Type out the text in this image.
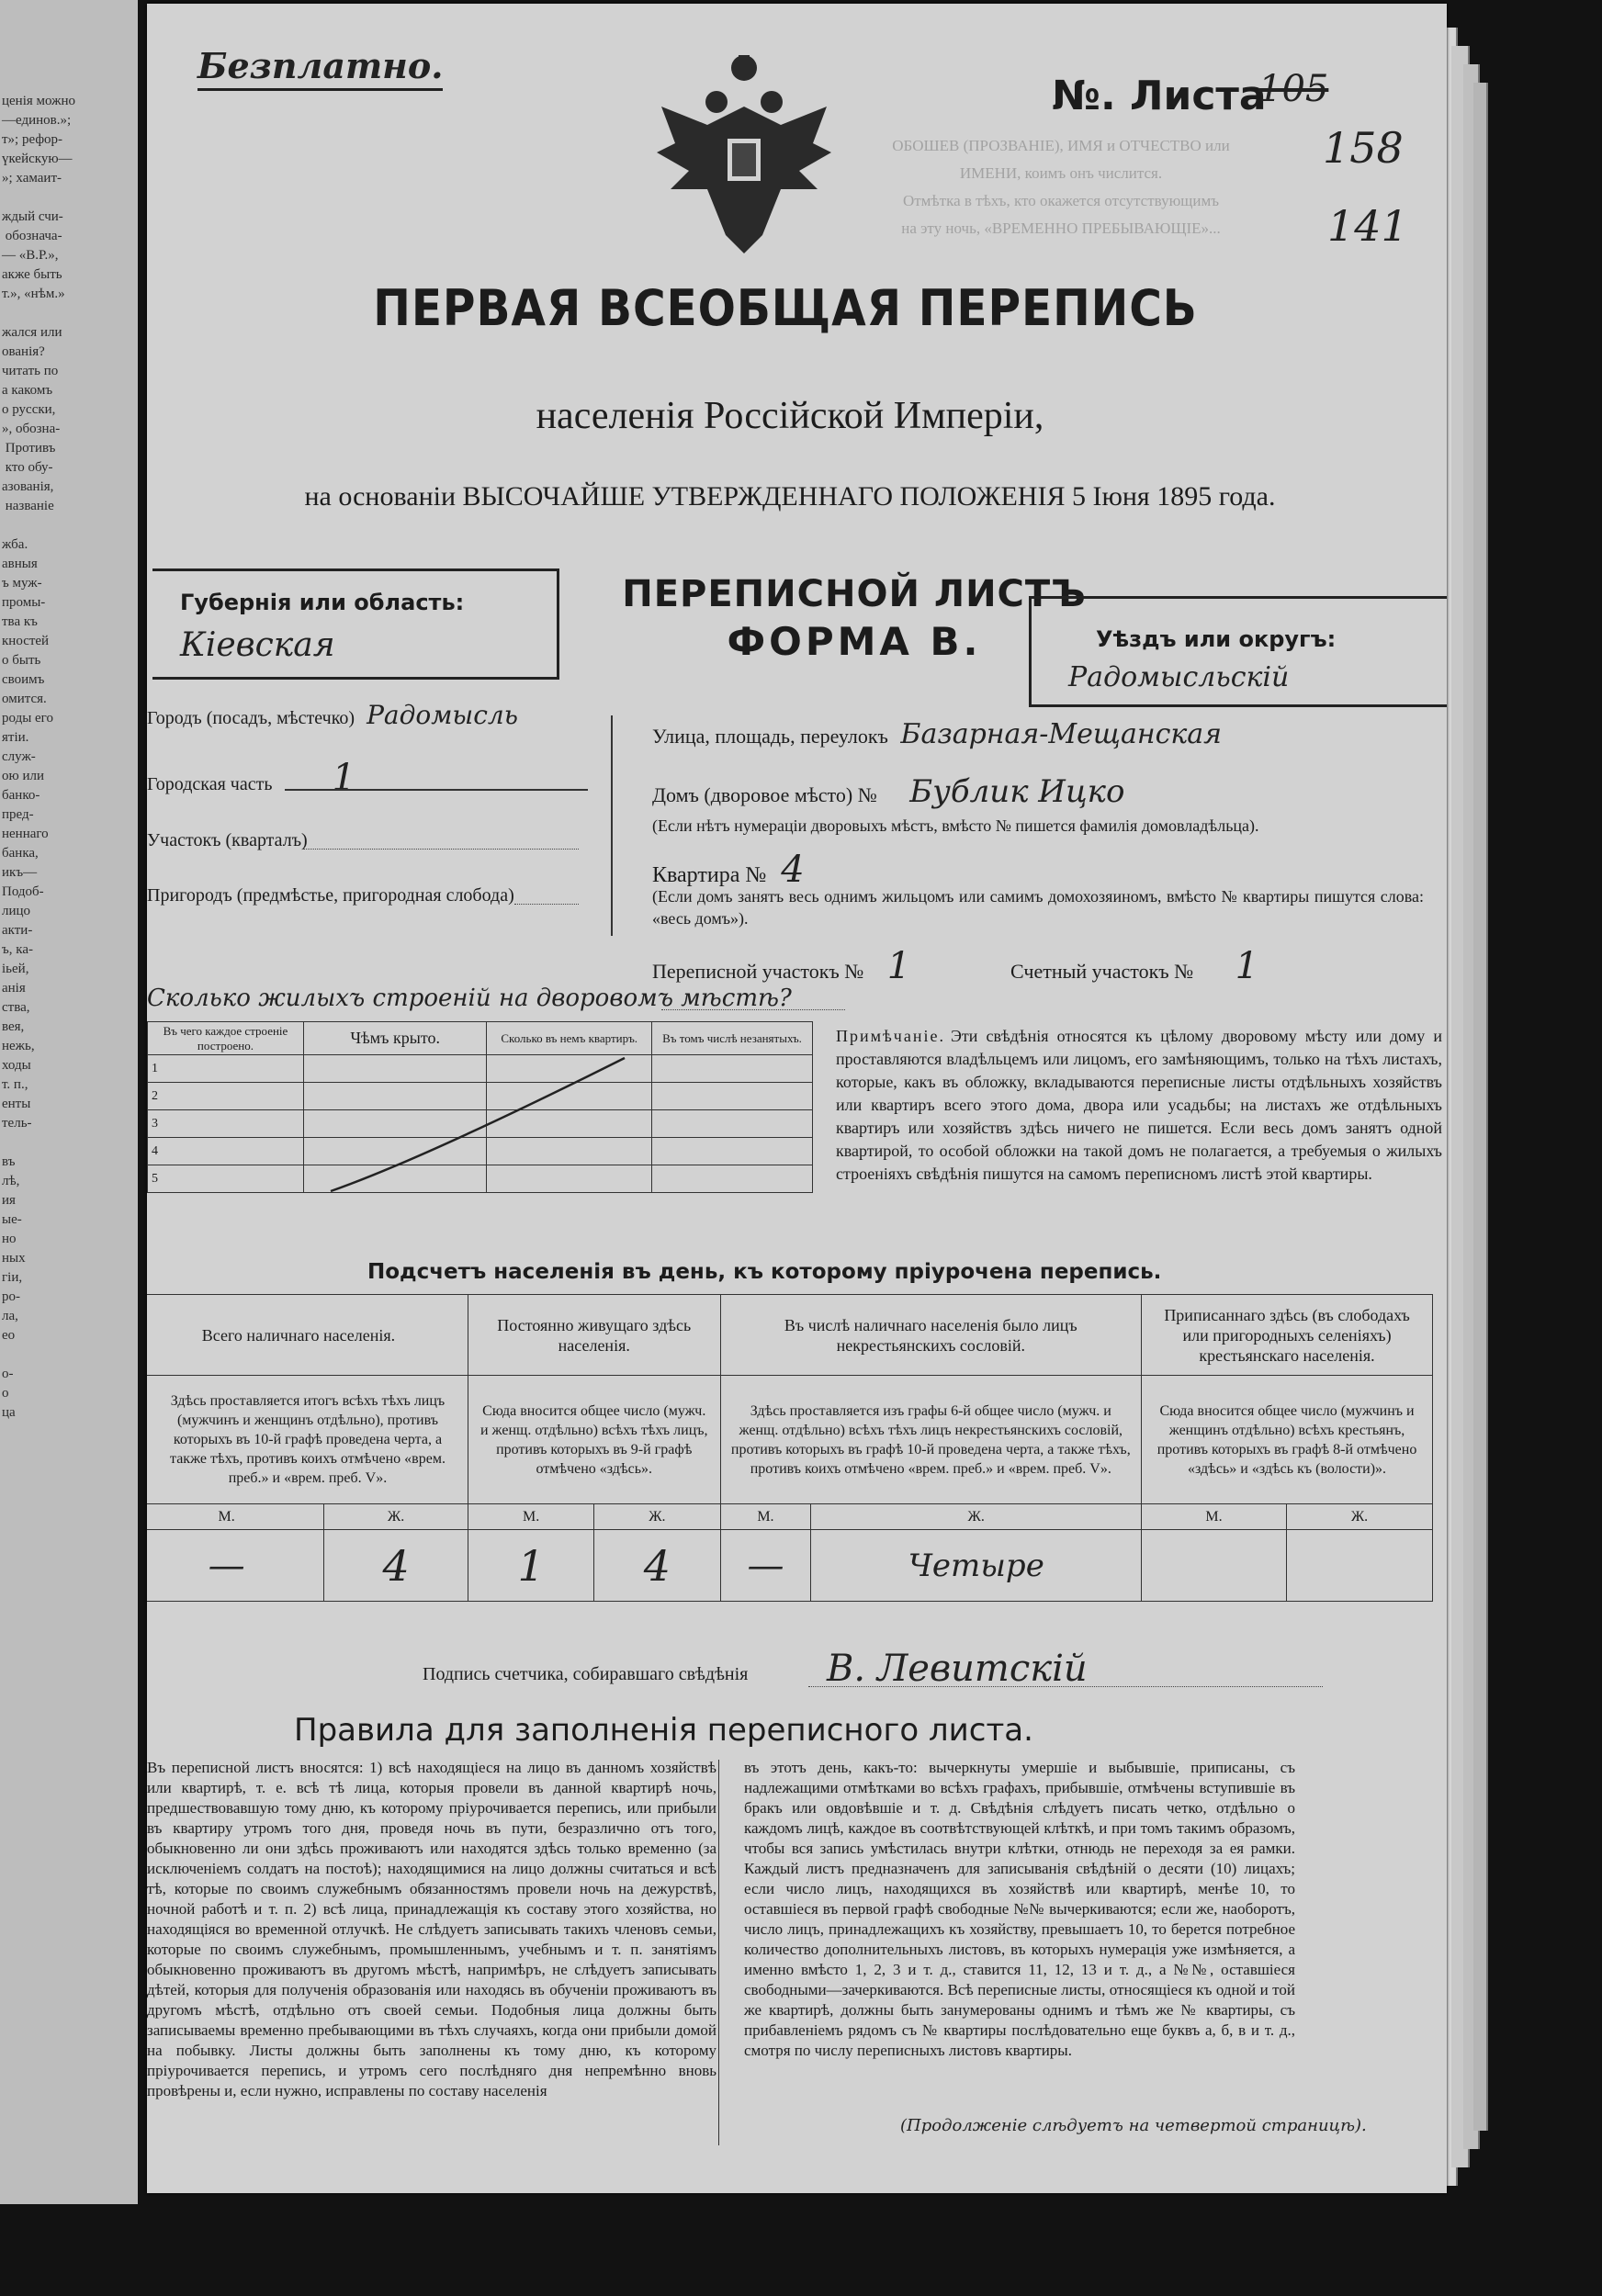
ценія можно
—единов.»;
т»; рефор-
үкейскую—
»; хамаит-

ждый счи-
обознача-
— «В.Р.»,
акже быть
т.», «нѣм.»

жался или
ованія?
читать по
а какомъ
о русски,
», обозна-
Противъ
кто обу-
азованія,
названіе

жба.
авныя
ъ муж-
промы-
тва къ
кностей
о быть
своимъ
омится.
роды его
ятіи.
служ-
ою или
банко-
пред-
неннаго
банка,
икъ—
Подоб-
лицо
акти-
ъ, ка-
іьей,
анія
ства,
вея,
нежь,
ходы
т. п.,
енты
тель-

въ
лѣ,
ия
ые-
но
ных
гіи,
ро-
ла,
ео

о-
о
ца
Безплатно.
№. Листа
105
158
141
ОБОШЕВ (ПРОЗВАНІЕ), ИМЯ и ОТЧЕСТВО или
ИМЕНИ, коимъ онъ числится.
Отмѣтка в тѣхъ, кто окажется отсутствующимъ
на эту ночь, «ВРЕМЕННО ПРЕБЫВАЮЩІЕ»...
ПЕРВАЯ ВСЕОБЩАЯ ПЕРЕПИСЬ
населенія Россійской Имперіи,
на основаніи ВЫСОЧАЙШЕ УТВЕРЖДЕННАГО ПОЛОЖЕНІЯ 5 Іюня 1895 года.
Губернія или область:
Кіевская
ПЕРЕПИСНОЙ ЛИСТЪ
ФОРМА В.	Уѣздъ или округъ:
Радомысльскій
Городъ (посадъ, мѣстечко) Радомысль
Городская часть 1
Участокъ (кварталъ)
Пригородъ (предмѣстье, пригородная слобода)
Улица, площадь, переулокъ Базарная-Мещанская
Домъ (дворовое мѣсто) № Бублик Ицко
(Если нѣтъ нумераціи дворовыхъ мѣстъ, вмѣсто № пишется фамилія домовладѣльца).
Квартира № 4
(Если домъ занятъ весь однимъ жильцомъ или самимъ домохозяиномъ, вмѣсто № квартиры пишутся слова: «весь домъ»).
Переписной участокъ № 1	Счетный участокъ № 1
Сколько жилыхъ строеній на дворовомъ мѣстѣ?
Въ чего каждое строеніе построено.	Чѣмъ крыто.	Сколько въ немъ квартиръ.	Въ томъ числѣ незанятыхъ.
1			
2			
3			
4			
5			
Примѣчаніе. Эти свѣдѣнія относятся къ цѣлому дворовому мѣсту или дому и проставляются владѣльцемъ или лицомъ, его замѣняющимъ, только на тѣхъ листахъ, которые, какъ въ обложку, вкладываются переписные листы отдѣльныхъ хозяйствъ или квартиръ всего этого дома, двора или усадьбы; на листахъ же отдѣльныхъ квартиръ или хозяйствъ здѣсь ничего не пишется. Если весь домъ занятъ одной квартирой, то особой обложки на такой домъ не полагается, а требуемыя о жилыхъ строеніяхъ свѣдѣнія пишутся на самомъ переписномъ листѣ этой квартиры.
Подсчетъ населенія въ день, къ которому пріурочена перепись.
Всего наличнаго населенія.		Постоянно живущаго здѣсь населенія.		Въ числѣ наличнаго населенія было лицъ некрестьянскихъ сословій.		Приписаннаго здѣсь (въ слободахъ или пригородныхъ селеніяхъ) крестьянскаго населенія.	
Здѣсь проставляется итогъ всѣхъ тѣхъ лицъ (мужчинъ и женщинъ отдѣльно), противъ которыхъ въ 10-й графѣ проведена черта, а также тѣхъ, противъ коихъ отмѣчено «врем. преб.» и «врем. преб. V».		Сюда вносится общее число (мужч. и женщ. отдѣльно) всѣхъ тѣхъ лицъ, противъ которыхъ въ 9-й графѣ отмѣчено «здѣсь».		Здѣсь проставляется изъ графы 6-й общее число (мужч. и женщ. отдѣльно) всѣхъ тѣхъ лицъ некрестьянскихъ сословій, противъ которыхъ въ графѣ 10-й проведена черта, а также тѣхъ, противъ коихъ отмѣчено «врем. преб.» и «врем. преб. V».		Сюда вносится общее число (мужчинъ и женщинъ отдѣльно) всѣхъ крестьянъ, противъ которыхъ въ графѣ 8-й отмѣчено «здѣсь» и «здѣсь къ (волости)».	
М.	Ж.	М.	Ж.	М.	Ж.	М.	Ж.
—	4	1	4	—	Четыре		
Подпись счетчика, собиравшаго свѣдѣнія В. Левитскій
Правила для заполненія переписного листа.
Въ переписной листъ вносятся: 1) всѣ находящіеся на лицо въ данномъ хозяйствѣ или квартирѣ, т. е. всѣ тѣ лица, которыя провели въ данной квартирѣ ночь, предшествовавшую тому дню, къ которому пріурочивается перепись, или прибыли въ квартиру утромъ того дня, проведя ночь въ пути, безразлично отъ того, обыкновенно ли они здѣсь проживаютъ или находятся здѣсь только временно (за исключеніемъ солдатъ на постоѣ); находящимися на лицо должны считаться и всѣ тѣ, которые по своимъ служебнымъ обязанностямъ провели ночь на дежурствѣ, ночной работѣ и т. п. 2) всѣ лица, принадлежащія къ составу этого хозяйства, но находящіяся во временной отлучкѣ. Не слѣдуетъ записывать такихъ членовъ семьи, которые по своимъ служебнымъ, промышленнымъ, учебнымъ и т. п. занятіямъ обыкновенно проживаютъ въ другомъ мѣстѣ, напримѣръ, не слѣдуетъ записывать дѣтей, которыя для полученія образованія или находясь въ обученіи проживаютъ въ другомъ мѣстѣ, отдѣльно отъ своей семьи. Подобныя лица должны быть записываемы временно пребывающими въ тѣхъ случаяхъ, когда они прибыли домой на побывку. Листы должны быть заполнены къ тому дню, къ которому пріурочивается перепись, и утромъ сего послѣдняго дня непремѣнно вновь провѣрены и, если нужно, исправлены по составу населенія
въ этотъ день, какъ-то: вычеркнуты умершіе и выбывшіе, приписаны, съ надлежащими отмѣтками во всѣхъ графахъ, прибывшіе, отмѣчены вступившіе въ бракъ или овдовѣвшіе и т. д. Свѣдѣнія слѣдуетъ писать четко, отдѣльно о каждомъ лицѣ, каждое въ соотвѣтствующей клѣткѣ, и при томъ такимъ образомъ, чтобы вся запись умѣстилась внутри клѣтки, отнюдь не переходя за ея рамки. Каждый листъ предназначенъ для записыванія свѣдѣній о десяти (10) лицахъ; если число лицъ, находящихся въ хозяйствѣ или квартирѣ, менѣе 10, то оставшіеся въ первой графѣ свободные №№ вычеркиваются; если же, наоборотъ, число лицъ, принадлежащихъ къ хозяйству, превышаетъ 10, то берется потребное количество дополнительныхъ листовъ, въ которыхъ нумерація уже измѣняется, а именно вмѣсто 1, 2, 3 и т. д., ставится 11, 12, 13 и т. д., а №№, оставшіеся свободными—зачеркиваются. Всѣ переписные листы, относящіеся къ одной и той же квартирѣ, должны быть занумерованы однимъ и тѣмъ же № квартиры, съ прибавленіемъ рядомъ съ № квартиры послѣдовательно еще буквъ а, б, в и т. д., смотря по числу переписныхъ листовъ квартиры.
(Продолженіе слѣдуетъ на четвертой страницѣ).
